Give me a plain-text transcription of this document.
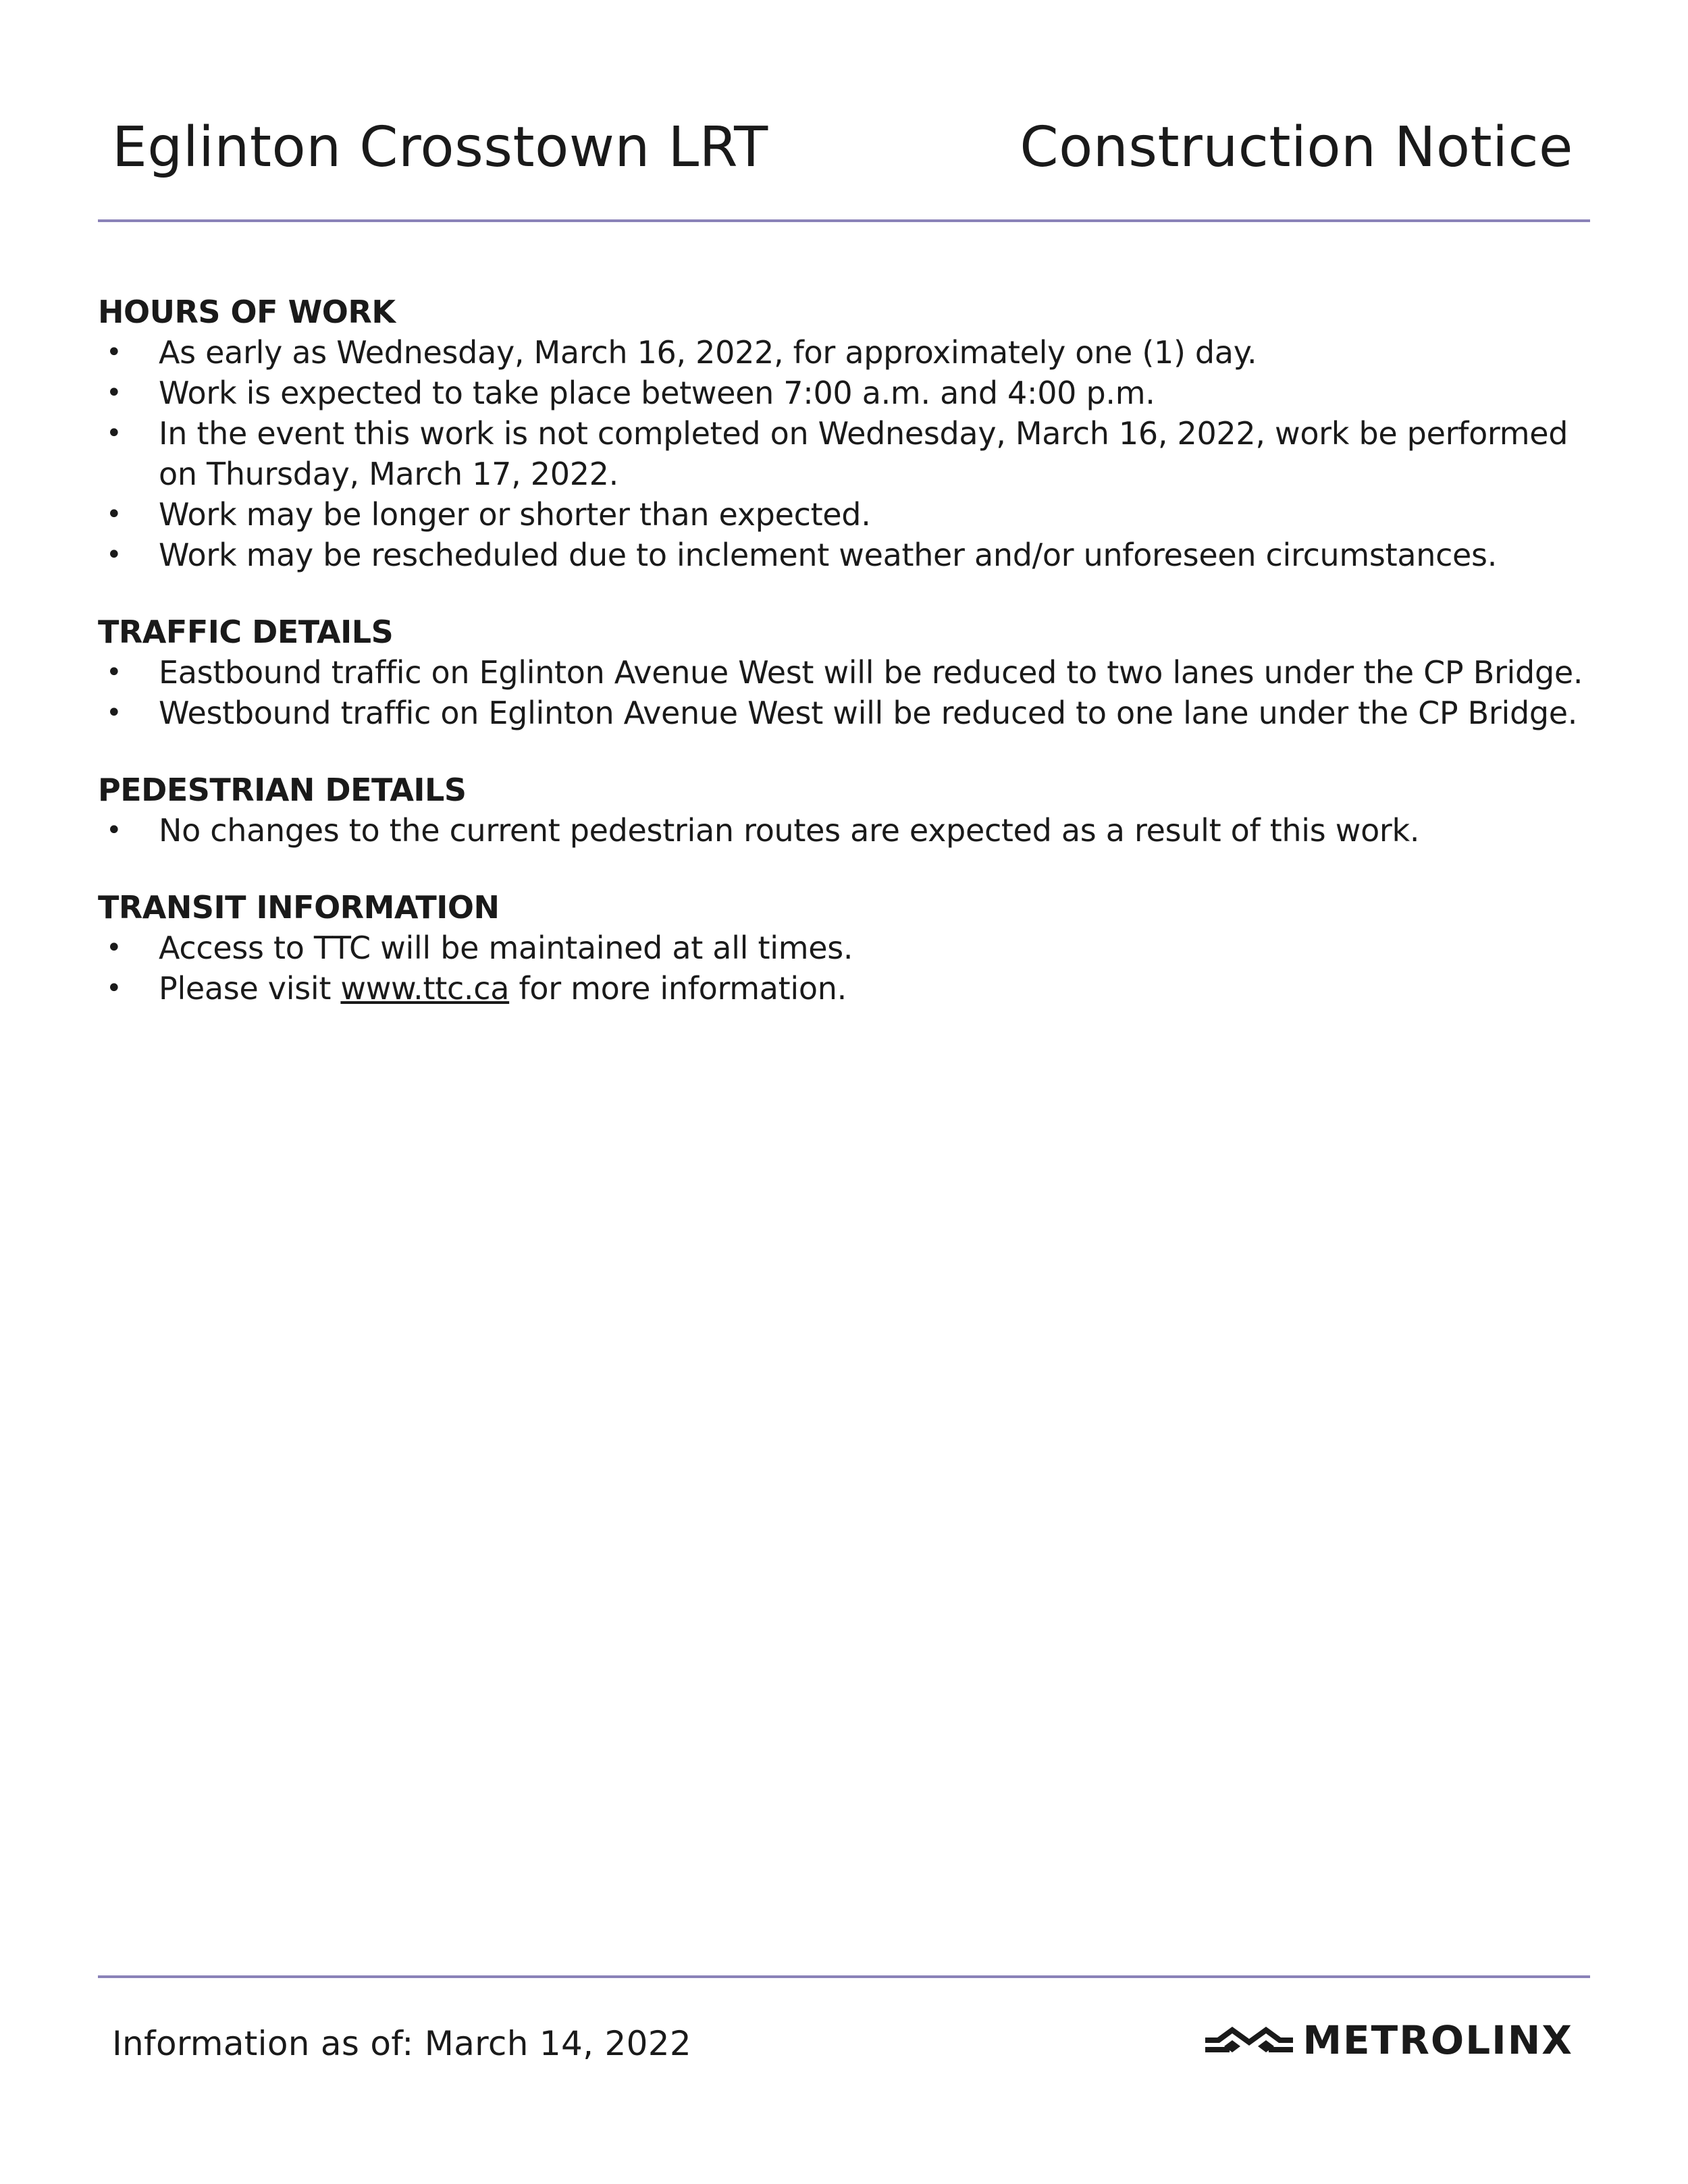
Eglinton Crosstown LRT	Construction Notice
HOURS OF WORK
• As early as Wednesday, March 16, 2022, for approximately one (1) day.
• Work is expected to take place between 7:00 a.m. and 4:00 p.m.
• In the event this work is not completed on Wednesday, March 16, 2022, work be performed on Thursday, March 17, 2022.
• Work may be longer or shorter than expected.
• Work may be rescheduled due to inclement weather and/or unforeseen circumstances.
TRAFFIC DETAILS
• Eastbound traffic on Eglinton Avenue West will be reduced to two lanes under the CP Bridge.
• Westbound traffic on Eglinton Avenue West will be reduced to one lane under the CP Bridge.
PEDESTRIAN DETAILS
• No changes to the current pedestrian routes are expected as a result of this work.
TRANSIT INFORMATION
• Access to TTC will be maintained at all times.
• Please visit www.ttc.ca for more information.
Information as of: March 14, 2022	METROLINX
